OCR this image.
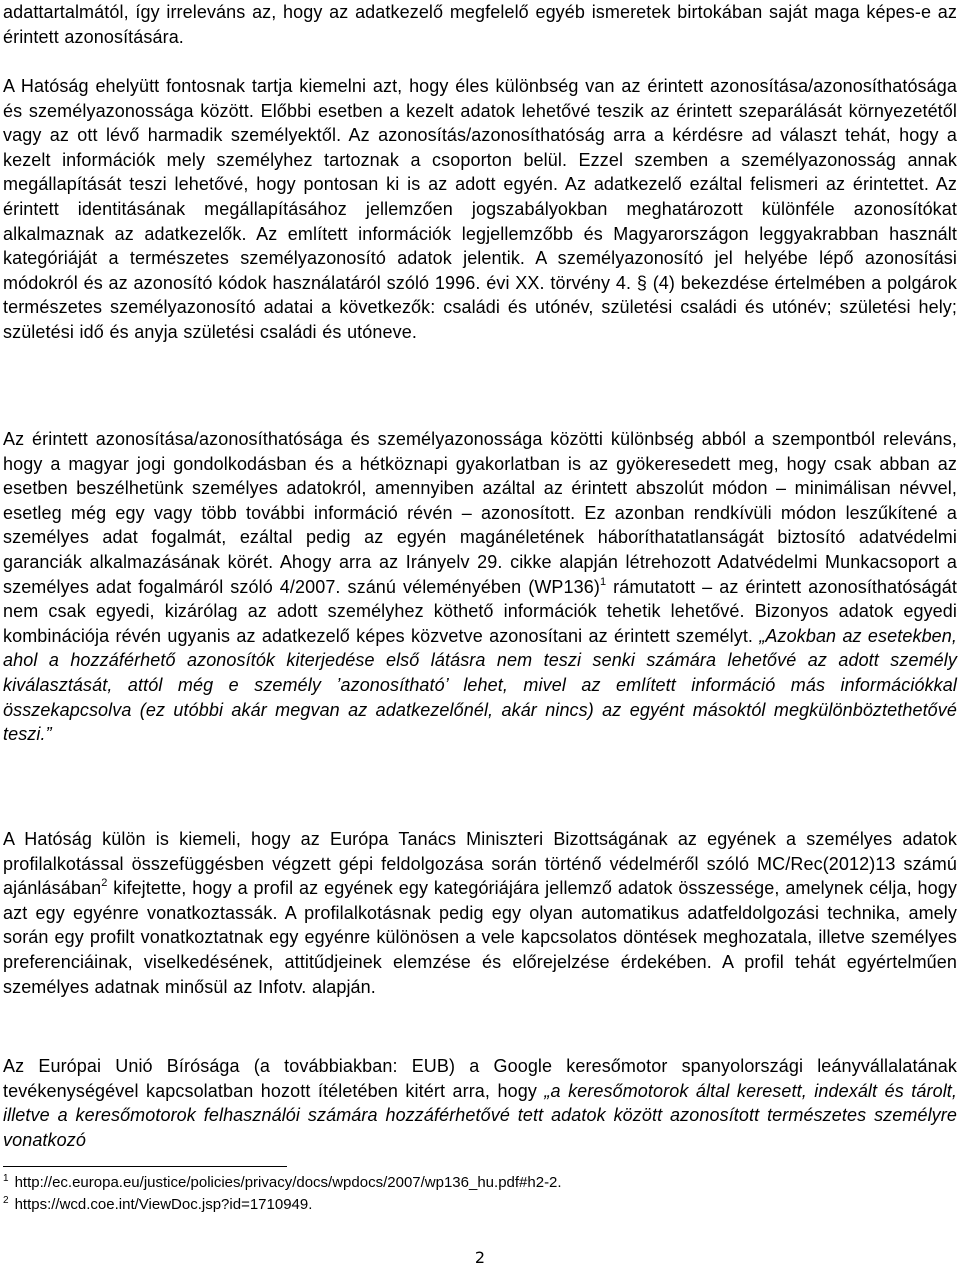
adattartalmától, így irreleváns az, hogy az adatkezelő megfelelő egyéb ismeretek birtokában saját maga képes-e az érintett azonosítására.

A Hatóság ehelyütt fontosnak tartja kiemelni azt, hogy éles különbség van az érintett azonosítása/azonosíthatósága és személyazonossága között. Előbbi esetben a kezelt adatok lehetővé teszik az érintett szeparálását környezetétől vagy az ott lévő harmadik személyektől. Az azonosítás/azonosíthatóság arra a kérdésre ad választ tehát, hogy a kezelt információk mely személyhez tartoznak a csoporton belül. Ezzel szemben a személyazonosság annak megállapítását teszi lehetővé, hogy pontosan ki is az adott egyén. Az adatkezelő ezáltal felismeri az érintettet. Az érintett identitásának megállapításához jellemzően jogszabályokban meghatározott különféle azonosítókat alkalmaznak az adatkezelők. Az említett információk legjellemzőbb és Magyarországon leggyakrabban használt kategóriáját a természetes személyazonosító adatok jelentik. A személyazonosító jel helyébe lépő azonosítási módokról és az azonosító kódok használatáról szóló 1996. évi XX. törvény 4. § (4) bekezdése értelmében a polgárok természetes személyazonosító adatai a következők: családi és utónév, születési családi és utónév; születési hely; születési idő és anyja születési családi és utóneve.

Az érintett azonosítása/azonosíthatósága és személyazonossága közötti különbség abból a szempontból releváns, hogy a magyar jogi gondolkodásban és a hétköznapi gyakorlatban is az gyökeresedett meg, hogy csak abban az esetben beszélhetünk személyes adatokról, amennyiben azáltal az érintett abszolút módon – minimálisan névvel, esetleg még egy vagy több további információ révén – azonosított. Ez azonban rendkívüli módon leszűkítené a személyes adat fogalmát, ezáltal pedig az egyén magánéletének háboríthatatlanságát biztosító adatvédelmi garanciák alkalmazásának körét. Ahogy arra az Irányelv 29. cikke alapján létrehozott Adatvédelmi Munkacsoport a személyes adat fogalmáról szóló 4/2007. szánú véleményében $(WP136)^1$ rámutatott – az érintett azonosíthatóságát nem csak egyedi, kizárólag az adott személyhez köthető információk tehetik lehetővé. Bizonyos adatok egyedi kombinációja révén ugyanis az adatkezelő képes közvetve azonosítani az érintett személyt. „Azokban az esetekben, ahol a hozzáférhető azonosítók kiterjedése első látásra nem teszi senki számára lehetővé az adott személy kiválasztását, attól még e személy ’azonosítható’ lehet, mivel az említett információ más információkkal összekapcsolva (ez utóbbi akár megvan az adatkezelőnél, akár nincs) az egyént másoktól megkülönböztethetővé teszi.”

A Hatóság külön is kiemeli, hogy az Európa Tanács Miniszteri Bizottságának az egyének a személyes adatok profilalkotással összefüggésben végzett gépi feldolgozása során történő védelméről szóló MC/Rec(2012)13 számú ajánlásában$^2$ kifejtette, hogy a profil az egyének egy kategóriájára jellemző adatok összessége, amelynek célja, hogy azt egy egyénre vonatkoztassák. A profilalkotásnak pedig egy olyan automatikus adatfeldolgozási technika, amely során egy profilt vonatkoztatnak egy egyénre különösen a vele kapcsolatos döntések meghozatala, illetve személyes preferenciáinak, viselkedésének, attitűdjeinek elemzése és előrejelzése érdekében. A profil tehát egyértelműen személyes adatnak minősül az Infotv. alapján.

Az Európai Unió Bírósága (a továbbiakban: EUB) a Google keresőmotor spanyolországi leányvállalatának tevékenységével kapcsolatban hozott ítéletében kitért arra, hogy „a keresőmotorok által keresett, indexált és tárolt, illetve a keresőmotorok felhasználói számára hozzáférhetővé tett adatok között azonosított természetes személyre vonatkozó

$^1$ http://ec.europa.eu/justice/policies/privacy/docs/wpdocs/2007/wp136_hu.pdf#h2-2.
$^2$ https://wcd.coe.int/ViewDoc.jsp?id=1710949.
2
